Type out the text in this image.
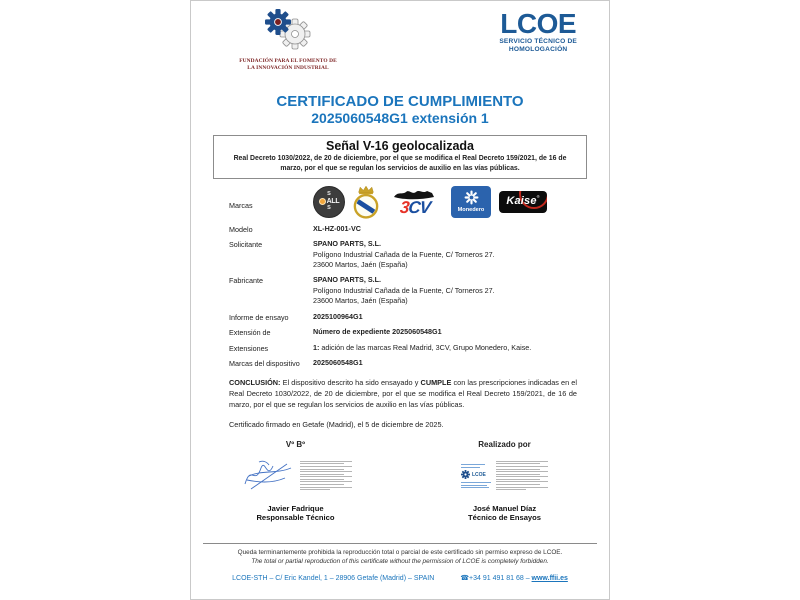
FUNDACIÓN PARA EL FOMENTO DE
LA INNOVACIÓN INDUSTRIAL
LCOE
SERVICIO TÉCNICO DE
HOMOLOGACIÓN
CERTIFICADO DE CUMPLIMIENTO
2025060548G1 extensión 1
Señal V-16 geolocalizada
Real Decreto 1030/2022, de 20 de diciembre, por el que se modifica el Real Decreto 159/2021, de 16 de marzo, por el que se regulan los servicios de auxilio en las vías públicas.
Marcas
S
ALL
S	3CV	Monedero
Kaise ®
Modelo	XL-HZ-001-VC
Solicitante	SPANO PARTS, S.L.
Polígono Industrial Cañada de la Fuente, C/ Torneros 27.
23600 Martos, Jaén (España)
Fabricante	SPANO PARTS, S.L.
Polígono Industrial Cañada de la Fuente, C/ Torneros 27.
23600 Martos, Jaén (España)
Informe de ensayo	2025100964G1
Extensión de	Número de expediente 2025060548G1
Extensiones	1: adición de las marcas Real Madrid, 3CV, Grupo Monedero, Kaise.
Marcas del dispositivo	2025060548G1

CONCLUSIÓN: El dispositivo descrito ha sido ensayado y CUMPLE con las prescripciones indicadas en el Real Decreto 1030/2022, de 20 de diciembre, por el que se modifica el Real Decreto 159/2021, de 16 de marzo, por el que se regulan los servicios de auxilio en las vías públicas.

Certificado firmado en Getafe (Madrid), el 5 de diciembre de 2025.

Vº Bº
Javier Fadrique
Responsable Técnico
Realizado por
LCOE
José Manuel Díaz
Técnico de Ensayos
Queda terminantemente prohibida la reproducción total o parcial de este certificado sin permiso expreso de LCOE.
The total or partial reproduction of this certificate without the permission of LCOE is completely forbidden.
LCOE-STH – C/ Eric Kandel, 1 – 28906 Getafe (Madrid) – SPAIN	☎+34 91 491 81 68 – www.ffii.es
